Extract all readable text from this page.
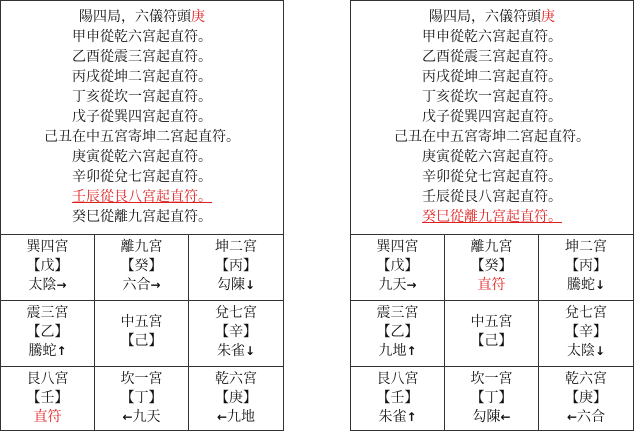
陽四局，六儀符頭庚
甲申從乾六宮起直符。
乙酉從震三宮起直符。
丙戌從坤二宮起直符。
丁亥從坎一宮起直符。
戊子從巽四宮起直符。
己丑在中五宮寄坤二宮起直符。
庚寅從乾六宮起直符。
辛卯從兌七宮起直符。
壬辰從艮八宮起直符。
癸巳從離九宮起直符。
巽四宮
【戊】
太陰→
離九宮
【癸】
六合→
坤二宮
【丙】
勾陳↓
震三宮
【乙】
騰蛇↑
中五宮
【己】
兌七宮
【辛】
朱雀↓
艮八宮
【壬】
直符
坎一宮
【丁】
←九天
乾六宮
【庚】
←九地
陽四局，六儀符頭庚
甲申從乾六宮起直符。
乙酉從震三宮起直符。
丙戌從坤二宮起直符。
丁亥從坎一宮起直符。
戊子從巽四宮起直符。
己丑在中五宮寄坤二宮起直符。
庚寅從乾六宮起直符。
辛卯從兌七宮起直符。
壬辰從艮八宮起直符。
癸巳從離九宮起直符。
巽四宮
【戊】
九天→
離九宮
【癸】
直符
坤二宮
【丙】
騰蛇↓
震三宮
【乙】
九地↑
中五宮
【己】
兌七宮
【辛】
太陰↓
艮八宮
【壬】
朱雀↑
坎一宮
【丁】
勾陳←
乾六宮
【庚】
←六合
